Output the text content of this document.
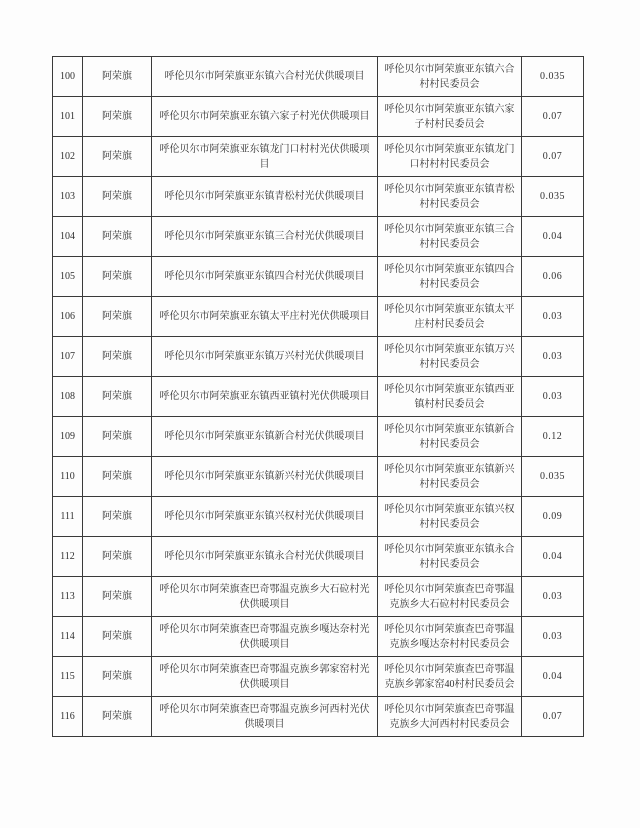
100	阿荣旗	呼伦贝尔市阿荣旗亚东镇六合村光伏供暖项目	呼伦贝尔市阿荣旗亚东镇六合村村民委员会	0.035
101	阿荣旗	呼伦贝尔市阿荣旗亚东镇六家子村光伏供暖项目	呼伦贝尔市阿荣旗亚东镇六家子村村民委员会	0.07
102	阿荣旗	呼伦贝尔市阿荣旗亚东镇龙门口村村光伏供暖项目	呼伦贝尔市阿荣旗亚东镇龙门口村村村民委员会	0.07
103	阿荣旗	呼伦贝尔市阿荣旗亚东镇青松村光伏供暖项目	呼伦贝尔市阿荣旗亚东镇青松村村民委员会	0.035
104	阿荣旗	呼伦贝尔市阿荣旗亚东镇三合村光伏供暖项目	呼伦贝尔市阿荣旗亚东镇三合村村民委员会	0.04
105	阿荣旗	呼伦贝尔市阿荣旗亚东镇四合村光伏供暖项目	呼伦贝尔市阿荣旗亚东镇四合村村民委员会	0.06
106	阿荣旗	呼伦贝尔市阿荣旗亚东镇太平庄村光伏供暖项目	呼伦贝尔市阿荣旗亚东镇太平庄村村民委员会	0.03
107	阿荣旗	呼伦贝尔市阿荣旗亚东镇万兴村光伏供暖项目	呼伦贝尔市阿荣旗亚东镇万兴村村民委员会	0.03
108	阿荣旗	呼伦贝尔市阿荣旗亚东镇西亚镇村光伏供暖项目	呼伦贝尔市阿荣旗亚东镇西亚镇村村民委员会	0.03
109	阿荣旗	呼伦贝尔市阿荣旗亚东镇新合村光伏供暖项目	呼伦贝尔市阿荣旗亚东镇新合村村民委员会	0.12
110	阿荣旗	呼伦贝尔市阿荣旗亚东镇新兴村光伏供暖项目	呼伦贝尔市阿荣旗亚东镇新兴村村民委员会	0.035
111	阿荣旗	呼伦贝尔市阿荣旗亚东镇兴权村光伏供暖项目	呼伦贝尔市阿荣旗亚东镇兴权村村民委员会	0.09
112	阿荣旗	呼伦贝尔市阿荣旗亚东镇永合村光伏供暖项目	呼伦贝尔市阿荣旗亚东镇永合村村民委员会	0.04
113	阿荣旗	呼伦贝尔市阿荣旗查巴奇鄂温克族乡大石砬村光伏供暖项目	呼伦贝尔市阿荣旗查巴奇鄂温克族乡大石砬村村民委员会	0.03
114	阿荣旗	呼伦贝尔市阿荣旗查巴奇鄂温克族乡嘎达奈村光伏供暖项目	呼伦贝尔市阿荣旗查巴奇鄂温克族乡嘎达奈村村民委员会	0.03
115	阿荣旗	呼伦贝尔市阿荣旗查巴奇鄂温克族乡郭家窑村光伏供暖项目	呼伦贝尔市阿荣旗查巴奇鄂温克族乡郭家窑40村村民委员会	0.04
116	阿荣旗	呼伦贝尔市阿荣旗查巴奇鄂温克族乡河西村光伏供暖项目	呼伦贝尔市阿荣旗查巴奇鄂温克族乡大河西村村民委员会	0.07
